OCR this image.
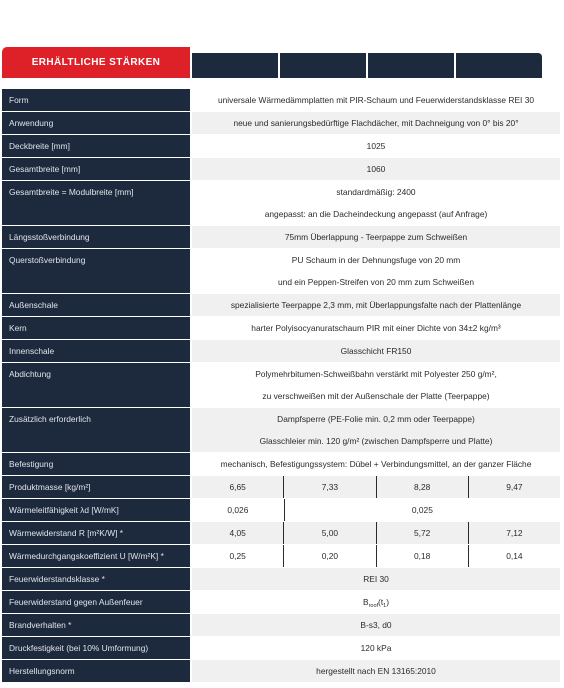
ERHÄLTLICHE STÄRKEN
Form	universale Wärmedämmplatten mit PIR-Schaum und Feuerwiderstandsklasse REI 30
Anwendung	neue und sanierungsbedürftige Flachdächer, mit Dachneigung von 0° bis 20°
Deckbreite [mm]	1025
Gesamtbreite [mm]	1060
Gesamtbreite = Modulbreite [mm]	standardmäßig: 2400
angepasst: an die Dacheindeckung angepasst (auf Anfrage)
Längsstoßverbindung	75mm Überlappung - Teerpappe zum Schweißen
Querstoßverbindung	PU Schaum in der Dehnungsfuge von 20 mm
und ein Peppen-Streifen von 20 mm zum Schweißen
Außenschale	spezialisierte Teerpappe 2,3 mm, mit Überlappungsfalte nach der Plattenlänge
Kern	harter Polyisocyanuratschaum PIR mit einer Dichte von 34±2 kg/m³
Innenschale	Glasschicht FR150
Abdichtung	Polymehrbitumen-Schweißbahn verstärkt mit Polyester 250 g/m²,
zu verschweißen mit der Außenschale der Platte (Teerpappe)
Zusätzlich erforderlich	Dampfsperre (PE-Folie min. 0,2 mm oder Teerpappe)
Glasschleier min. 120 g/m² (zwischen Dampfsperre und Platte)
Befestigung	mechanisch, Befestigungssystem: Dübel + Verbindungsmittel, an der ganzer Fläche
Produktmasse [kg/m²]	6,65	7,33	8,28	9,47
Wärmeleitfähigkeit λd [W/mK]	0,026	0,025
Wärmewiderstand R [m²K/W] *	4,05	5,00	5,72	7,12
Wärmedurchgangskoeffizient U [W/m²K] *	0,25	0,20	0,18	0,14
Feuerwiderstandsklasse *	REI 30
Feuerwiderstand gegen Außenfeuer	$B_{roof}(t_1)$
Brandverhalten *	B-s3, d0
Druckfestigkeit (bei 10% Umformung)	120 kPa
Herstellungsnorm	hergestellt nach EN 13165:2010
